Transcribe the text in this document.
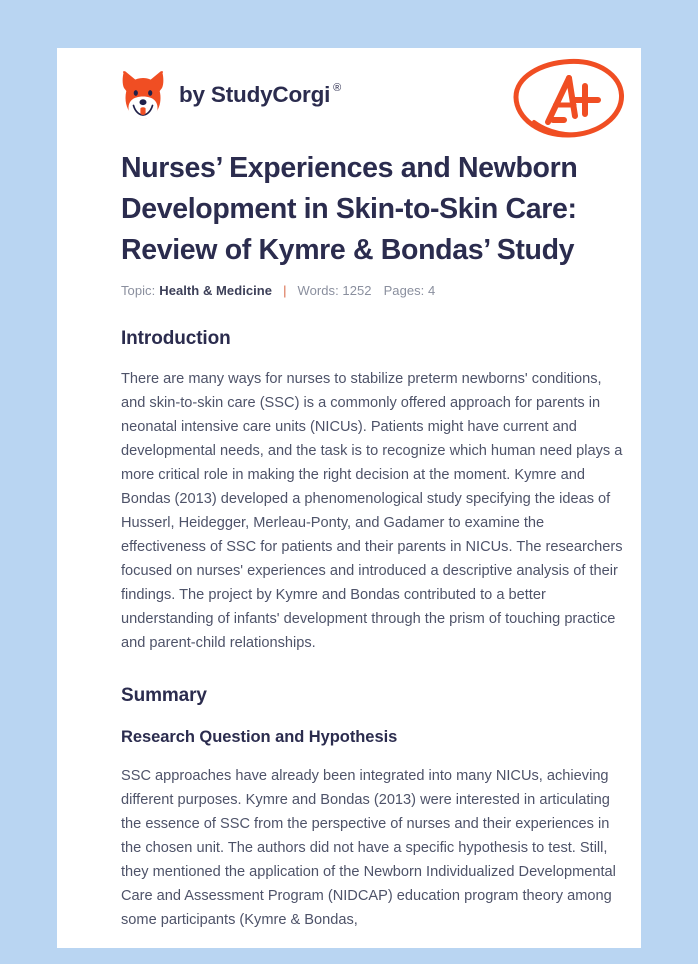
by StudyCorgi ®
Nurses’ Experiences and Newborn Development in Skin-to-Skin Care: Review of Kymre & Bondas’ Study
Topic: Health & Medicine | Words: 1252 Pages: 4
Introduction

There are many ways for nurses to stabilize preterm newborns' conditions, and skin-to-skin care (SSC) is a commonly offered approach for parents in neonatal intensive care units (NICUs). Patients might have current and developmental needs, and the task is to recognize which human need plays a more critical role in making the right decision at the moment. Kymre and Bondas (2013) developed a phenomenological study specifying the ideas of Husserl, Heidegger, Merleau-Ponty, and Gadamer to examine the effectiveness of SSC for patients and their parents in NICUs. The researchers focused on nurses' experiences and introduced a descriptive analysis of their findings. The project by Kymre and Bondas contributed to a better understanding of infants' development through the prism of touching practice and parent-child relationships.

Summary
Research Question and Hypothesis

SSC approaches have already been integrated into many NICUs, achieving different purposes. Kymre and Bondas (2013) were interested in articulating the essence of SSC from the perspective of nurses and their experiences in the chosen unit. The authors did not have a specific hypothesis to test. Still, they mentioned the application of the Newborn Individualized Developmental Care and Assessment Program (NIDCAP) education program theory among some participants (Kymre & Bondas,
